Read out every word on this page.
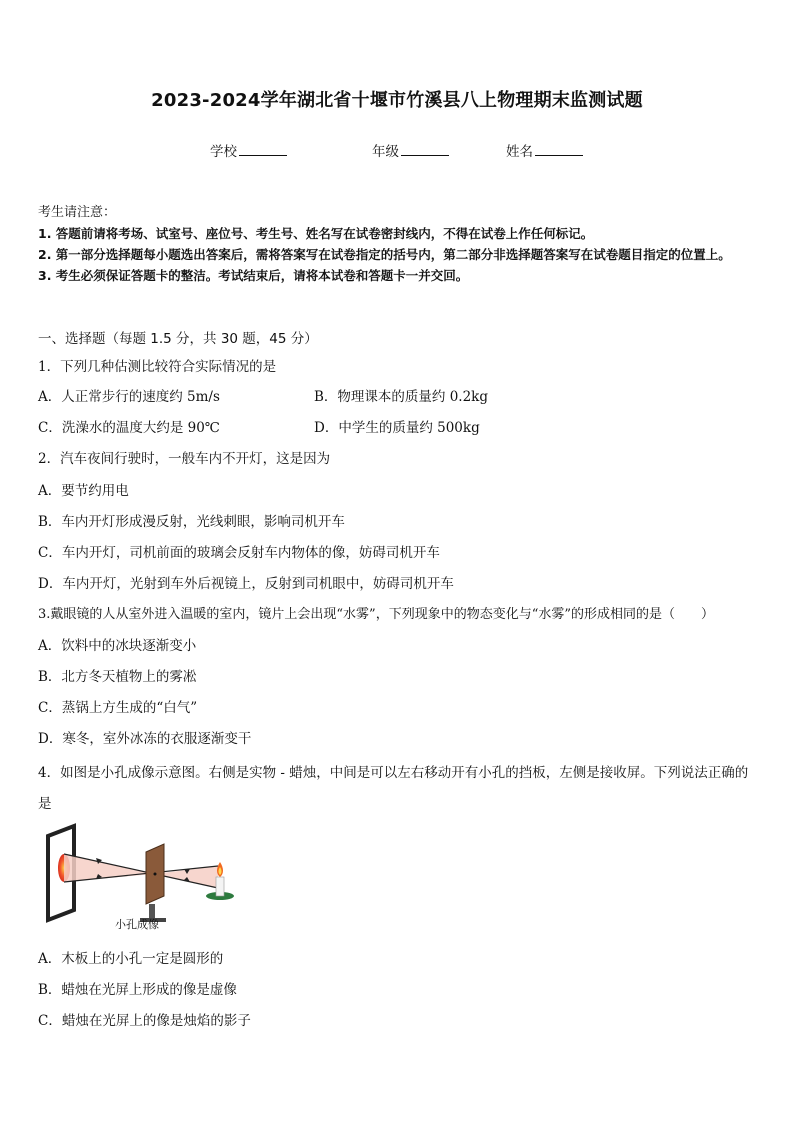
2023-2024学年湖北省十堰市竹溪县八上物理期末监测试题
学校	年级	姓名
考生请注意：
1. 答题前请将考场、试室号、座位号、考生号、姓名写在试卷密封线内，不得在试卷上作任何标记。
2. 第一部分选择题每小题选出答案后，需将答案写在试卷指定的括号内，第二部分非选择题答案写在试卷题目指定的位置上。
3. 考生必须保证答题卡的整洁。考试结束后，请将本试卷和答题卡一并交回。
一、选择题（每题 1.5 分，共 30 题，45 分）
1．下列几种估测比较符合实际情况的是
A．人正常步行的速度约 5m/s	B．物理课本的质量约 0.2kg
C．洗澡水的温度大约是 90℃	D．中学生的质量约 500kg
2．汽车夜间行驶时，一般车内不开灯，这是因为
A．要节约用电
B．车内开灯形成漫反射，光线刺眼，影响司机开车
C．车内开灯，司机前面的玻璃会反射车内物体的像，妨碍司机开车
D．车内开灯，光射到车外后视镜上，反射到司机眼中，妨碍司机开车
3.戴眼镜的人从室外进入温暖的室内，镜片上会出现“水雾”，下列现象中的物态变化与“水雾”的形成相同的是（　　）
A．饮料中的冰块逐渐变小
B．北方冬天植物上的雾凇
C．蒸锅上方生成的“白气”
D．寒冬，室外冰冻的衣服逐渐变干
4．如图是小孔成像示意图。右侧是实物 - 蜡烛，中间是可以左右移动开有小孔的挡板，左侧是接收屏。下列说法正确的是
小孔成像
A．木板上的小孔一定是圆形的
B．蜡烛在光屏上形成的像是虚像
C．蜡烛在光屏上的像是烛焰的影子
